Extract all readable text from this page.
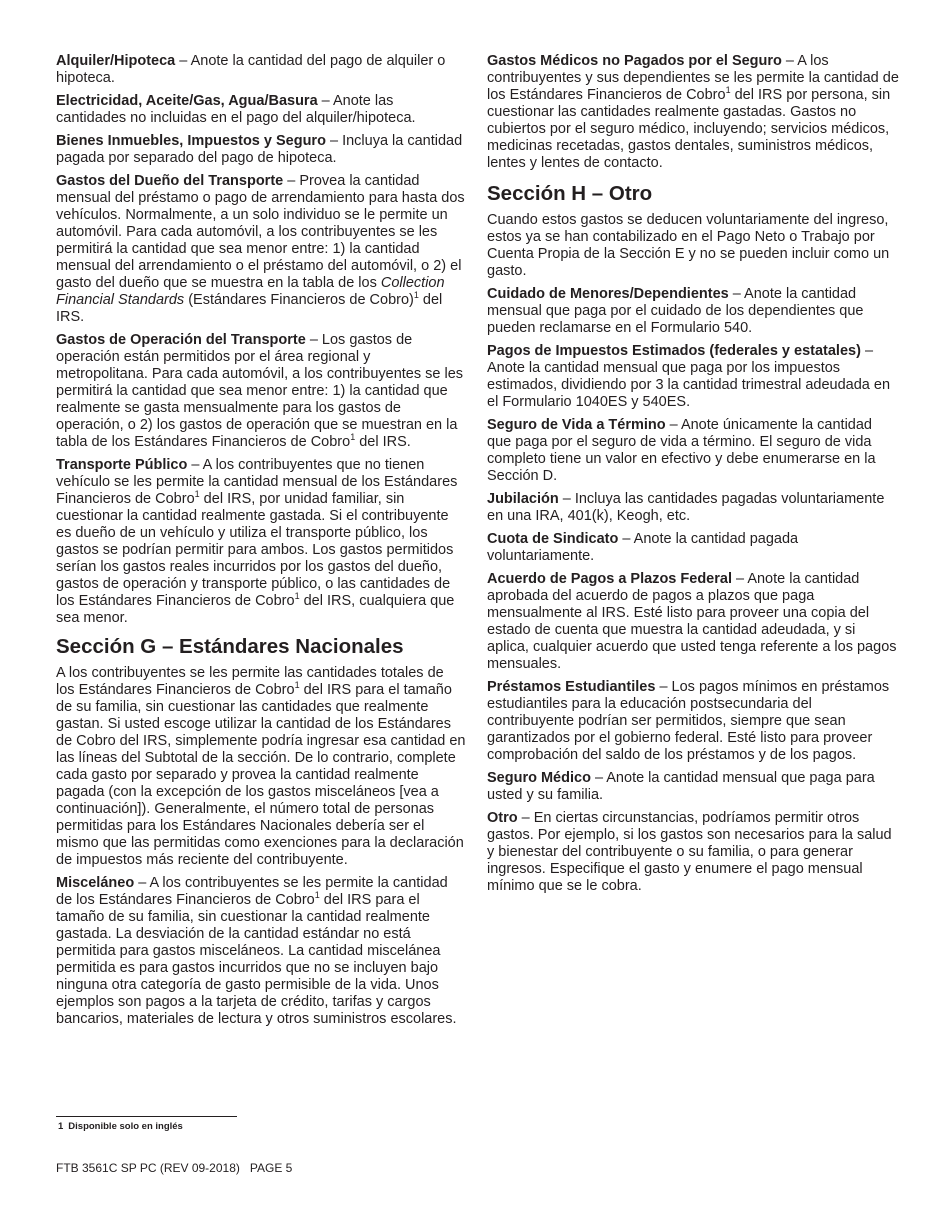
Alquiler/Hipoteca – Anote la cantidad del pago de alquiler o hipoteca.

Electricidad, Aceite/Gas, Agua/Basura – Anote las cantidades no incluidas en el pago del alquiler/hipoteca.

Bienes Inmuebles, Impuestos y Seguro – Incluya la cantidad pagada por separado del pago de hipoteca.

Gastos del Dueño del Transporte – Provea la cantidad mensual del préstamo o pago de arrendamiento para hasta dos vehículos. Normalmente, a un solo individuo se le permite un automóvil. Para cada automóvil, a los contribuyentes se les permitirá la cantidad que sea menor entre: 1) la cantidad mensual del arrendamiento o el préstamo del automóvil, o 2) el gasto del dueño que se muestra en la tabla de los Collection Financial Standards (Estándares Financieros de Cobro)$^1$ del IRS.

Gastos de Operación del Transporte – Los gastos de operación están permitidos por el área regional y metropolitana. Para cada automóvil, a los contribuyentes se les permitirá la cantidad que sea menor entre: 1) la cantidad que realmente se gasta mensualmente para los gastos de operación, o 2) los gastos de operación que se muestran en la tabla de los Estándares Financieros de Cobro$^1$ del IRS.

Transporte Público – A los contribuyentes que no tienen vehículo se les permite la cantidad mensual de los Estándares Financieros de Cobro$^1$ del IRS, por unidad familiar, sin cuestionar la cantidad realmente gastada. Si el contribuyente es dueño de un vehículo y utiliza el transporte público, los gastos se podrían permitir para ambos. Los gastos permitidos serían los gastos reales incurridos por los gastos del dueño, gastos de operación y transporte público, o las cantidades de los Estándares Financieros de Cobro$^1$ del IRS, cualquiera que sea menor.

Sección G – Estándares Nacionales

A los contribuyentes se les permite las cantidades totales de los Estándares Financieros de Cobro$^1$ del IRS para el tamaño de su familia, sin cuestionar las cantidades que realmente gastan. Si usted escoge utilizar la cantidad de los Estándares de Cobro del IRS, simplemente podría ingresar esa cantidad en las líneas del Subtotal de la sección. De lo contrario, complete cada gasto por separado y provea la cantidad realmente pagada (con la excepción de los gastos misceláneos [vea a continuación]). Generalmente, el número total de personas permitidas para los Estándares Nacionales debería ser el mismo que las permitidas como exenciones para la declaración de impuestos más reciente del contribuyente.

Misceláneo – A los contribuyentes se les permite la cantidad de los Estándares Financieros de Cobro$^1$ del IRS para el tamaño de su familia, sin cuestionar la cantidad realmente gastada. La desviación de la cantidad estándar no está permitida para gastos misceláneos. La cantidad miscelánea permitida es para gastos incurridos que no se incluyen bajo ninguna otra categoría de gasto permisible de la vida. Unos ejemplos son pagos a la tarjeta de crédito, tarifas y cargos bancarios, materiales de lectura y otros suministros escolares.

Gastos Médicos no Pagados por el Seguro – A los contribuyentes y sus dependientes se les permite la cantidad de los Estándares Financieros de Cobro$^1$ del IRS por persona, sin cuestionar las cantidades realmente gastadas. Gastos no cubiertos por el seguro médico, incluyendo; servicios médicos, medicinas recetadas, gastos dentales, suministros médicos, lentes y lentes de contacto.

Sección H – Otro

Cuando estos gastos se deducen voluntariamente del ingreso, estos ya se han contabilizado en el Pago Neto o Trabajo por Cuenta Propia de la Sección E y no se pueden incluir como un gasto.

Cuidado de Menores/Dependientes – Anote la cantidad mensual que paga por el cuidado de los dependientes que pueden reclamarse en el Formulario 540.

Pagos de Impuestos Estimados (federales y estatales) – Anote la cantidad mensual que paga por los impuestos estimados, dividiendo por 3 la cantidad trimestral adeudada en el Formulario 1040ES y 540ES.

Seguro de Vida a Término – Anote únicamente la cantidad que paga por el seguro de vida a término. El seguro de vida completo tiene un valor en efectivo y debe enumerarse en la Sección D.

Jubilación – Incluya las cantidades pagadas voluntariamente en una IRA, 401(k), Keogh, etc.

Cuota de Sindicato – Anote la cantidad pagada voluntariamente.

Acuerdo de Pagos a Plazos Federal – Anote la cantidad aprobada del acuerdo de pagos a plazos que paga mensualmente al IRS. Esté listo para proveer una copia del estado de cuenta que muestra la cantidad adeudada, y si aplica, cualquier acuerdo que usted tenga referente a los pagos mensuales.

Préstamos Estudiantiles – Los pagos mínimos en préstamos estudiantiles para la educación postsecundaria del contribuyente podrían ser permitidos, siempre que sean garantizados por el gobierno federal. Esté listo para proveer comprobación del saldo de los préstamos y de los pagos.

Seguro Médico – Anote la cantidad mensual que paga para usted y su familia.

Otro – En ciertas circunstancias, podríamos permitir otros gastos. Por ejemplo, si los gastos son necesarios para la salud y bienestar del contribuyente o su familia, o para generar ingresos. Especifique el gasto y enumere el pago mensual mínimo que se le cobra.

1 Disponible solo en inglés
FTB 3561C SP PC (REV 09-2018) PAGE 5
